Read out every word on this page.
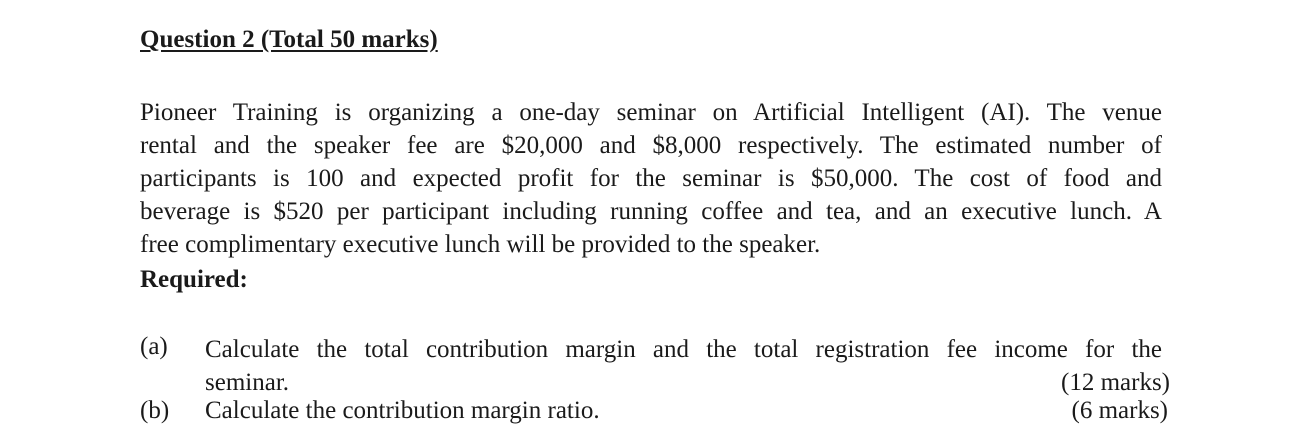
Question 2 (Total 50 marks)
Pioneer Training is organizing a one-day seminar on Artificial Intelligent (AI). The venue
rental and the speaker fee are $20,000 and $8,000 respectively. The estimated number of
participants is 100 and expected profit for the seminar is $50,000. The cost of food and
beverage is $520 per participant including running coffee and tea, and an executive lunch. A
free complimentary executive lunch will be provided to the speaker.
Required:
(a) Calculate the total contribution margin and the total registration fee income for the
seminar.	(12 marks)
(b) Calculate the contribution margin ratio.	(6 marks)
